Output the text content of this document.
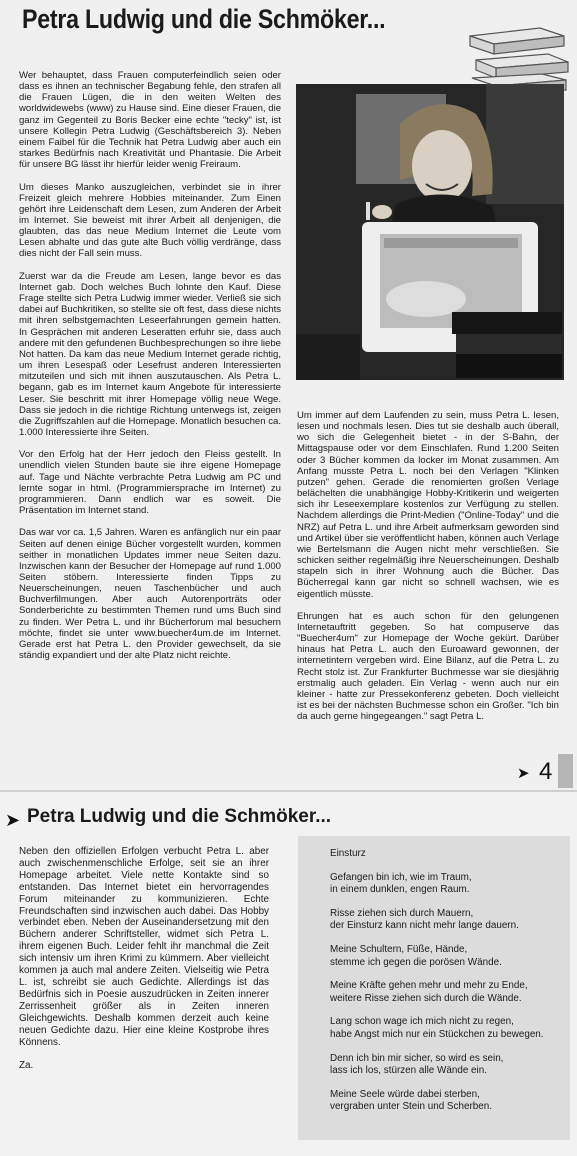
Petra Ludwig und die Schmöker...

Wer behauptet, dass Frauen computerfeindlich seien oder dass es ihnen an technischer Begabung fehle, den strafen all die Frauen Lügen, die in den weiten Welten des worldwidewebs (www) zu Hause sind. Eine dieser Frauen, die ganz im Gegenteil zu Boris Becker eine echte "tecky" ist, ist unsere Kollegin Petra Ludwig (Geschäftsbereich 3). Neben einem Faibel für die Technik hat Petra Ludwig aber auch ein starkes Bedürfnis nach Kreativität und Phantasie. Die Arbeit für unsere BG lässt ihr hierfür leider wenig Freiraum.

Um dieses Manko auszugleichen, verbindet sie in ihrer Freizeit gleich mehrere Hobbies miteinander. Zum Einen gehört ihre Leidenschaft dem Lesen, zum Anderen der Arbeit im Internet. Sie beweist mit ihrer Arbeit all denjenigen, die glaubten, das das neue Medium Internet die Leute vom Lesen abhalte und das gute alte Buch völlig verdränge, dass dies nicht der Fall sein muss.

Zuerst war da die Freude am Lesen, lange bevor es das Internet gab. Doch welches Buch lohnte den Kauf. Diese Frage stellte sich Petra Ludwig immer wieder. Verließ sie sich dabei auf Buchkritiken, so stellte sie oft fest, dass diese nichts mit ihren selbstgemachten Leseerfahrungen gemein hatten. In Gesprächen mit anderen Leseratten erfuhr sie, dass auch andere mit den gefundenen Buchbesprechungen so ihre liebe Not hatten. Da kam das neue Medium Internet gerade richtig, um ihren Lesespaß oder Lesefrust anderen Interessierten mitzuteilen und sich mit ihnen auszutauschen. Als Petra L. begann, gab es im Internet kaum Angebote für interessierte Leser. Sie beschritt mit ihrer Homepage völlig neue Wege. Dass sie jedoch in die richtige Richtung unterwegs ist, zeigen die Zugriffszahlen auf die Homepage. Monatlich besuchen ca. 1.000 Interessierte ihre Seiten.

Vor den Erfolg hat der Herr jedoch den Fleiss gestellt. In unendlich vielen Stunden baute sie ihre eigene Homepage auf. Tage und Nächte verbrachte Petra Ludwig am PC und lernte sogar in html. (Programmiersprache im Internet) zu programmieren. Dann endlich war es soweit. Die Präsentation im Internet stand.

Das war vor ca. 1,5 Jahren. Waren es anfänglich nur ein paar Seiten auf denen einige Bücher vorgestellt wurden, kommen seither in monatlichen Updates immer neue Seiten dazu. Inzwischen kann der Besucher der Homepage auf rund 1.000 Seiten stöbern. Interessierte finden Tipps zu Neuerscheinungen, neuen Taschenbücher und auch Buchverfilmungen. Aber auch Autorenporträts oder Sonderberichte zu bestimmten Themen rund ums Buch sind zu finden. Wer Petra L. und ihr Bücherforum mal besuchern möchte, findet sie unter www.buecher4um.de im Internet. Gerade erst hat Petra L. den Provider gewechselt, da sie ständig expandiert und der alte Platz nicht reichte.

Um immer auf dem Laufenden zu sein, muss Petra L. lesen, lesen und nochmals lesen. Dies tut sie deshalb auch überall, wo sich die Gelegenheit bietet - in der S-Bahn, der Mittagspause oder vor dem Einschlafen. Rund 1.200 Seiten oder 3 Bücher kommen da locker im Monat zusammen. Am Anfang musste Petra L. noch bei den Verlagen "Klinken putzen" gehen. Gerade die renomierten großen Verlage belächelten die unabhängige Hobby-Kritikerin und weigerten sich ihr Leseexemplare kostenlos zur Verfügung zu stellen. Nachdem allerdings die Print-Medien ("Online-Today" und die NRZ) auf Petra L. und ihre Arbeit aufmerksam geworden sind und Artikel über sie veröffentlicht haben, können auch Verlage wie Bertelsmann die Augen nicht mehr verschließen. Sie schicken seither regelmäßig ihre Neuerscheinungen. Deshalb stapeln sich in ihrer Wohnung auch die Bücher. Das Bücherregal kann gar nicht so schnell wachsen, wie es eigentlich müsste.

Ehrungen hat es auch schon für den gelungenen Internetauftritt gegeben. So hat compuserve das "Buecher4um" zur Homepage der Woche gekürt. Darüber hinaus hat Petra L. auch den Euroaward gewonnen, der internetintern vergeben wird. Eine Bilanz, auf die Petra L. zu Recht stolz ist. Zur Frankfurter Buchmesse war sie diesjährig erstmalig auch geladen. Ein Verlag - wenn auch nur ein kleiner - hatte zur Pressekonferenz gebeten. Doch vielleicht ist es bei der nächsten Buchmesse schon ein Großer. "Ich bin da auch gerne hingegeangen." sagt Petra L.

➤ 4
➤ Petra Ludwig und die Schmöker...

Neben den offiziellen Erfolgen verbucht Petra L. aber auch zwischenmenschliche Erfolge, seit sie an ihrer Homepage arbeitet. Viele nette Kontakte sind so entstanden. Das Internet bietet ein hervorragendes Forum miteinander zu kommunizieren. Echte Freundschaften sind inzwischen auch dabei. Das Hobby verbindet eben. Neben der Auseinandersetzung mit den Büchern anderer Schriftsteller, widmet sich Petra L. ihrem eigenen Buch. Leider fehlt ihr manchmal die Zeit sich intensiv um ihren Krimi zu kümmern. Aber vielleicht kommen ja auch mal andere Zeiten. Vielseitig wie Petra L. ist, schreibt sie auch Gedichte. Allerdings ist das Bedürfnis sich in Poesie auszudrücken in Zeiten innerer Zerrissenheit größer als in Zeiten inneren Gleichgewichts. Deshalb kommen derzeit auch keine neuen Gedichte dazu. Hier eine kleine Kostprobe ihres Könnens.

Za.

Einsturz
Gefangen bin ich, wie im Traum,
in einem dunklen, engen Raum.
Risse ziehen sich durch Mauern,
der Einsturz kann nicht mehr lange dauern.
Meine Schultern, Füße, Hände,
stemme ich gegen die porösen Wände.
Meine Kräfte gehen mehr und mehr zu Ende,
weitere Risse ziehen sich durch die Wände.
Lang schon wage ich mich nicht zu regen,
habe Angst mich nur ein Stückchen zu bewegen.
Denn ich bin mir sicher, so wird es sein,
lass ich los, stürzen alle Wände ein.
Meine Seele würde dabei sterben,
vergraben unter Stein und Scherben.
